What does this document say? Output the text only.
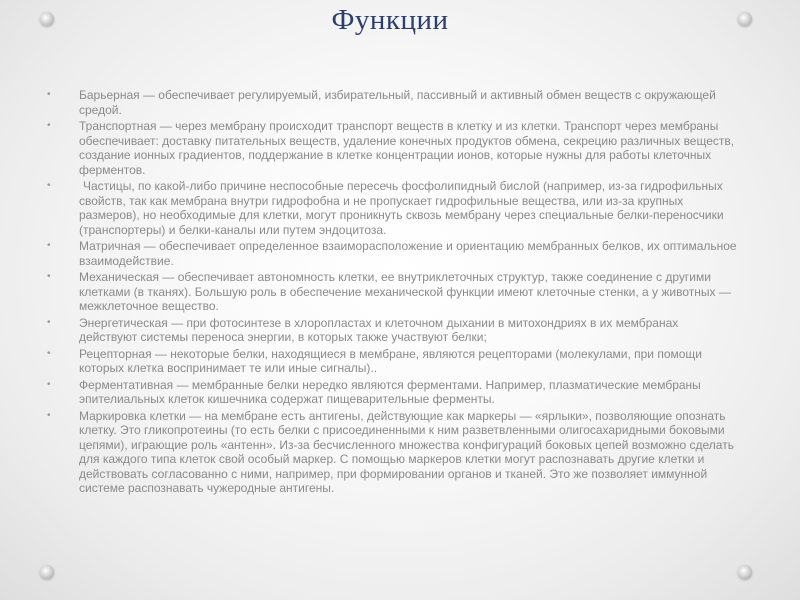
Функции
• Барьерная — обеспечивает регулируемый, избирательный, пассивный и активный обмен веществ с окружающей средой.
• Транспортная — через мембрану происходит транспорт веществ в клетку и из клетки. Транспорт через мембраны обеспечивает: доставку питательных веществ, удаление конечных продуктов обмена, секрецию различных веществ, создание ионных градиентов, поддержание в клетке концентрации ионов, которые нужны для работы клеточных ферментов.
•	Частицы, по какой-либо причине неспособные пересечь фосфолипидный бислой (например, из-за гидрофильных свойств, так как мембрана внутри гидрофобна и не пропускает гидрофильные вещества, или из-за крупных размеров), но необходимые для клетки, могут проникнуть сквозь мембрану через специальные белки-переносчики (транспортеры) и белки-каналы или путем эндоцитоза.
• Матричная — обеспечивает определенное взаиморасположение и ориентацию мембранных белков, их оптимальное взаимодействие.
• Механическая — обеспечивает автономность клетки, ее внутриклеточных структур, также соединение с другими клетками (в тканях). Большую роль в обеспечение механической функции имеют клеточные стенки, а у животных — межклеточное вещество.
• Энергетическая — при фотосинтезе в хлоропластах и клеточном дыхании в митохондриях в их мембранах действуют системы переноса энергии, в которых также участвуют белки;
• Рецепторная — некоторые белки, находящиеся в мембране, являются рецепторами (молекулами, при помощи которых клетка воспринимает те или иные сигналы)..
• Ферментативная — мембранные белки нередко являются ферментами. Например, плазматические мембраны эпителиальных клеток кишечника содержат пищеварительные ферменты.
• Маркировка клетки — на мембране есть антигены, действующие как маркеры — «ярлыки», позволяющие опознать клетку. Это гликопротеины (то есть белки с присоединенными к ним разветвленными олигосахаридными боковыми цепями), играющие роль «антенн». Из-за бесчисленного множества конфигураций боковых цепей возможно сделать для каждого типа клеток свой особый маркер. С помощью маркеров клетки могут распознавать другие клетки и действовать согласованно с ними, например, при формировании органов и тканей. Это же позволяет иммунной системе распознавать чужеродные антигены.
